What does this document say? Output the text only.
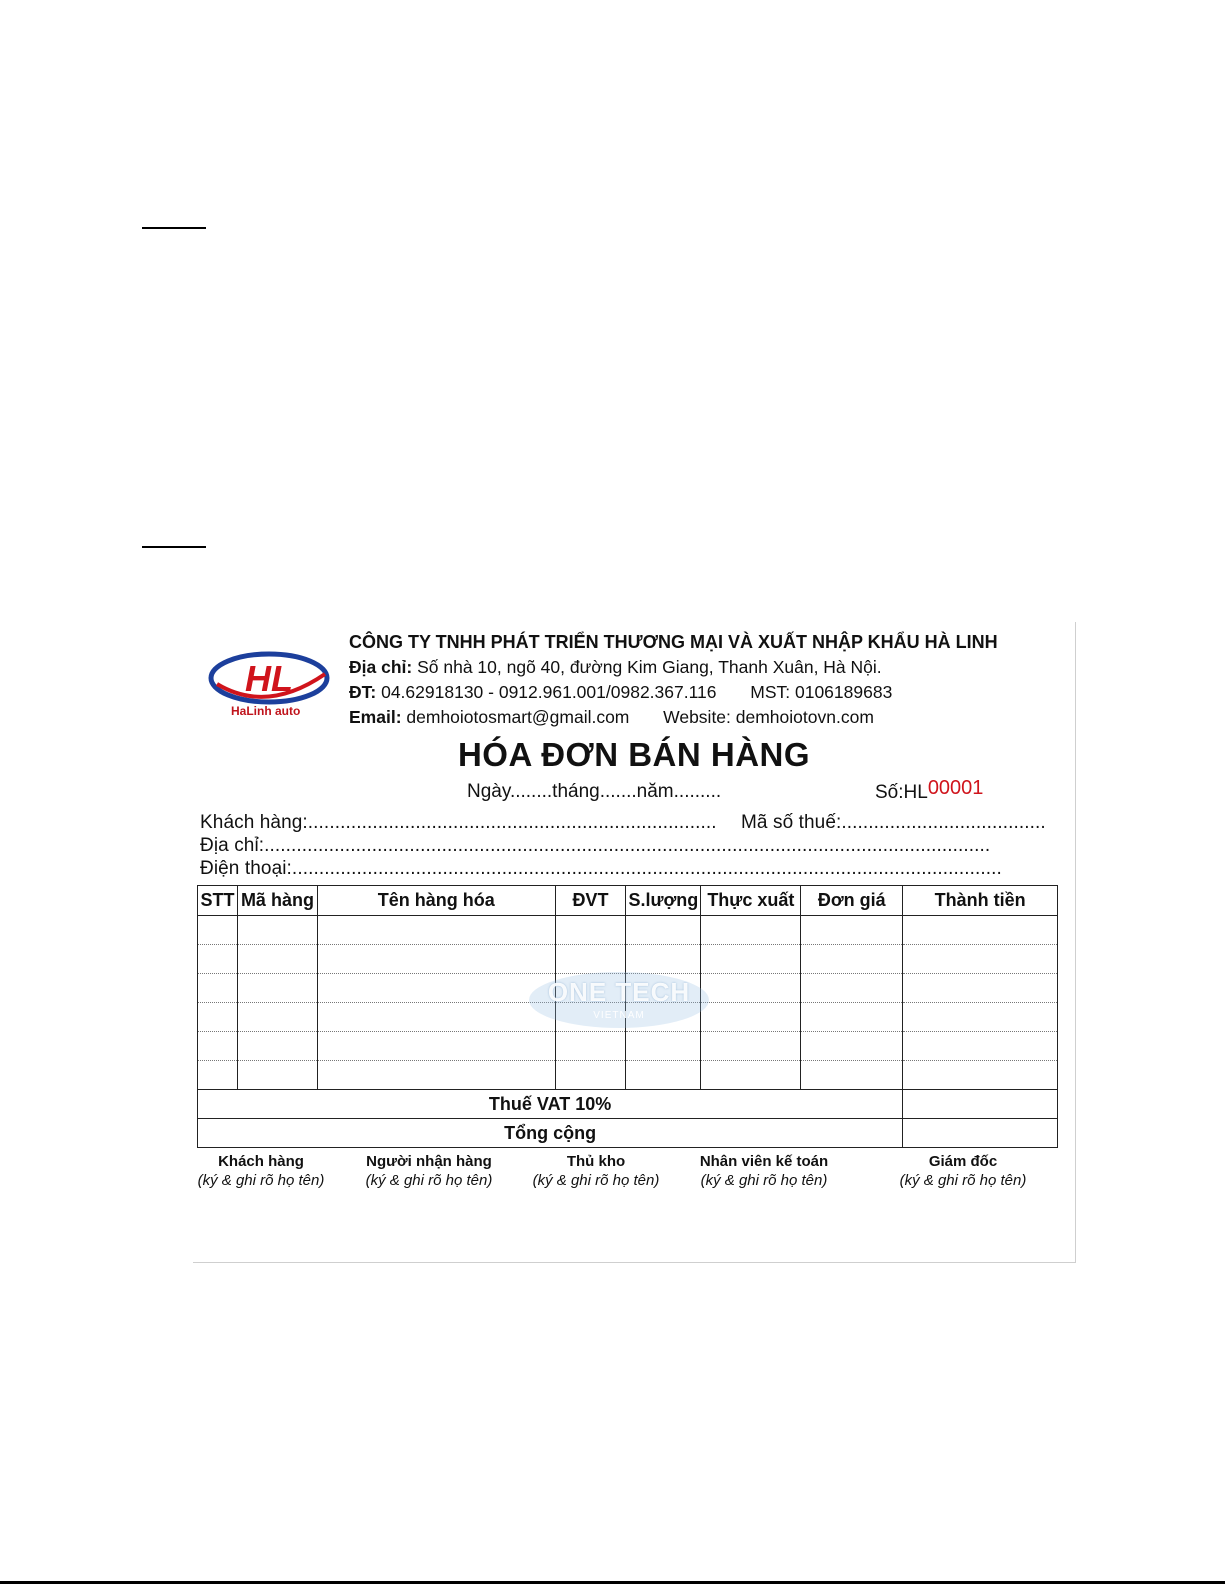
HL
HaLinh auto
CÔNG TY TNHH PHÁT TRIỂN THƯƠNG MẠI VÀ XUẤT NHẬP KHẨU HÀ LINH
Địa chỉ: Số nhà 10, ngõ 40, đường Kim Giang, Thanh Xuân, Hà Nội.
ĐT: 04.62918130 - 0912.961.001/0982.367.116 MST: 0106189683
Email: demhoiotosmart@gmail.com Website: demhoiotovn.com
HÓA ĐƠN BÁN HÀNG
Ngày........tháng.......năm.........	Số:HL00001
Khách hàng:............................................................................	Mã số thuế:......................................
Địa chỉ:.......................................................................................................................................
Điện thoại:....................................................................................................................................
STT	Mã hàng	Tên hàng hóa	ĐVT	S.lượng	Thực xuất	Đơn giá	Thành tiền

Thuế VAT 10%							
Tổng cộng							
ONE TECH
VIETNAM
Khách hàng
(ký & ghi rõ họ tên)
Người nhận hàng
(ký & ghi rõ họ tên)
Thủ kho
(ký & ghi rõ họ tên)
Nhân viên kế toán
(ký & ghi rõ họ tên)
Giám đốc
(ký & ghi rõ họ tên)
